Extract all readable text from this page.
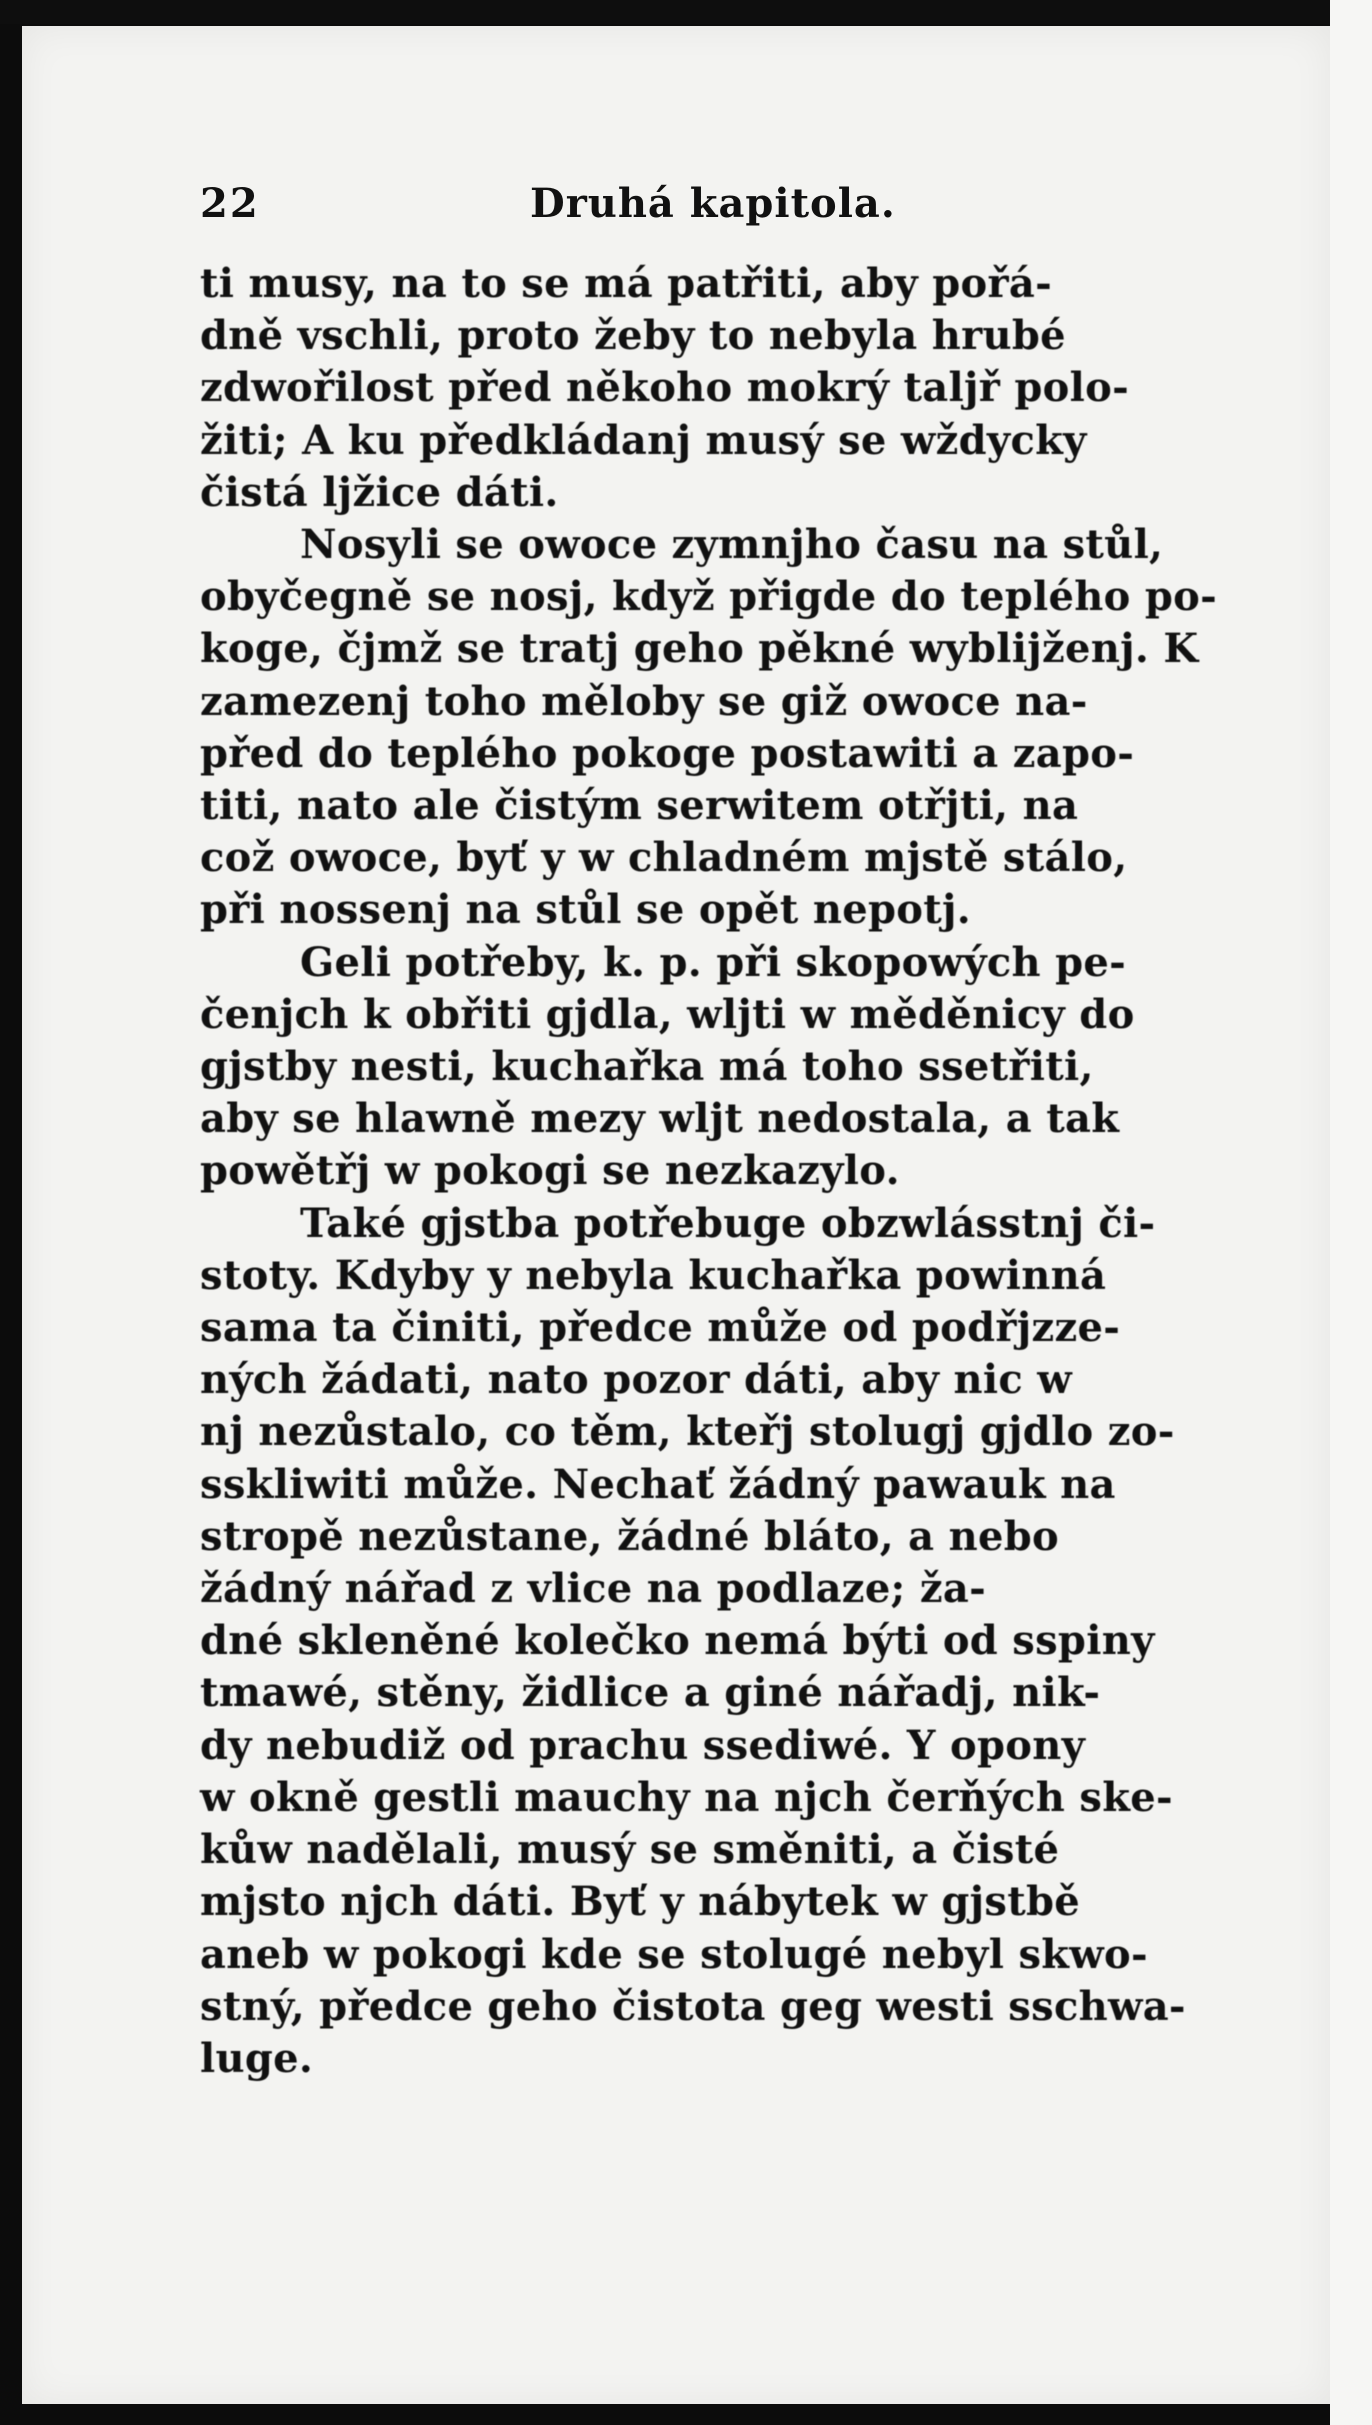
22	Druhá kapitola.
ti musy, na to se má patřiti, aby pořá-
dně vschli, proto žeby to nebyla hrubé
zdwořilost před někoho mokrý taljř polo-
žiti; A ku předkládanj musý se wždycky
čistá ljžice dáti.
Nosyli se owoce zymnjho času na stůl,
obyčegně se nosj, když přigde do teplého po-
koge, čjmž se tratj geho pěkné wyblijženj. K
zamezenj toho měloby se giž owoce na-
před do teplého pokoge postawiti a zapo-
titi, nato ale čistým serwitem otřjti, na
což owoce, byť y w chladném mjstě stálo,
při nossenj na stůl se opět nepotj.
Geli potřeby, k. p. při skopowých pe-
čenjch k obřiti gjdla, wljti w měděnicy do
gjstby nesti, kuchařka má toho ssetřiti,
aby se hlawně mezy wljt nedostala, a tak
powětřj w pokogi se nezkazylo.
Také gjstba potřebuge obzwlásstnj či-
stoty. Kdyby y nebyla kuchařka powinná
sama ta činiti, předce může od podřjzze-
ných žádati, nato pozor dáti, aby nic w
nj nezůstalo, co těm, kteřj stolugj gjdlo zo-
sskliwiti může. Nechať žádný pawauk na
stropě nezůstane, žádné bláto, a nebo
žádný nářad z vlice na podlaze; ža-
dné skleněné kolečko nemá býti od sspiny
tmawé, stěny, židlice a giné nářadj, nik-
dy nebudiž od prachu ssediwé. Y opony
w okně gestli mauchy na njch čerňých ske-
kůw nadělali, musý se směniti, a čisté
mjsto njch dáti. Byť y nábytek w gjstbě
aneb w pokogi kde se stolugé nebyl skwo-
stný, předce geho čistota geg westi sschwa-
luge.
